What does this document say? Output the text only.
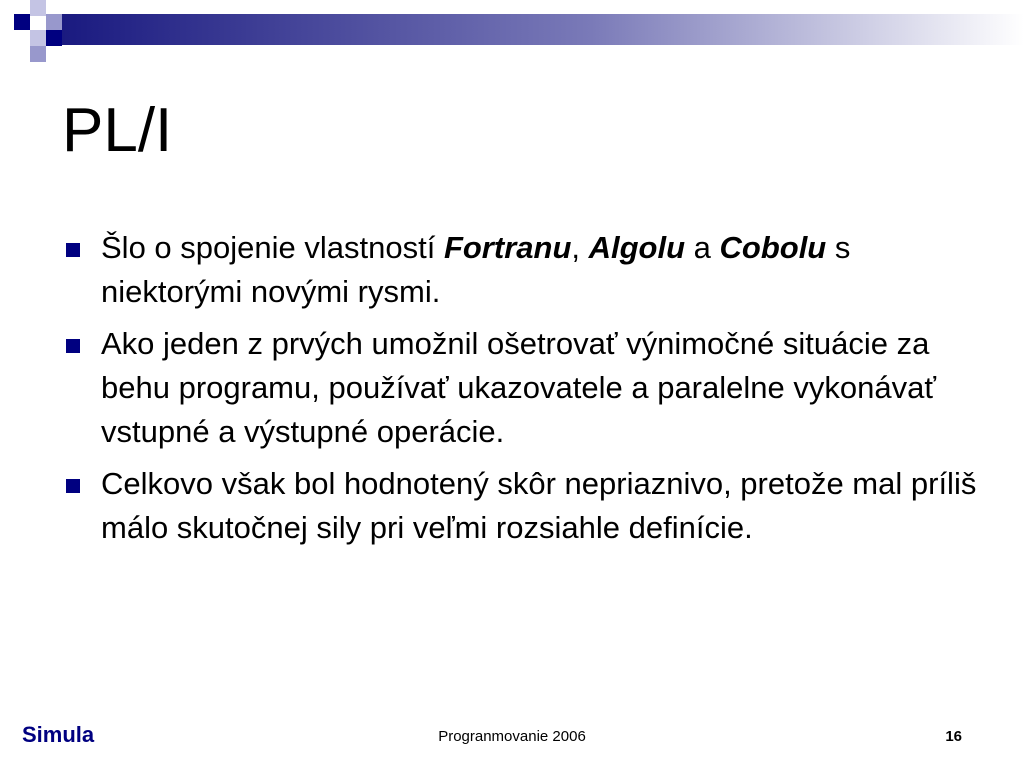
PL/I
Šlo o spojenie vlastností Fortranu, Algolu a Cobolu s niektorými novými rysmi.
Ako jeden z prvých umožnil ošetrovať výnimočné situácie za behu programu, používať ukazovatele a paralelne vykonávať vstupné a výstupné operácie.
Celkovo však bol hodnotený skôr nepriaznivo, pretože mal príliš málo skutočnej sily pri veľmi rozsiahle definície.
Simula	Progranmovanie 2006	16
